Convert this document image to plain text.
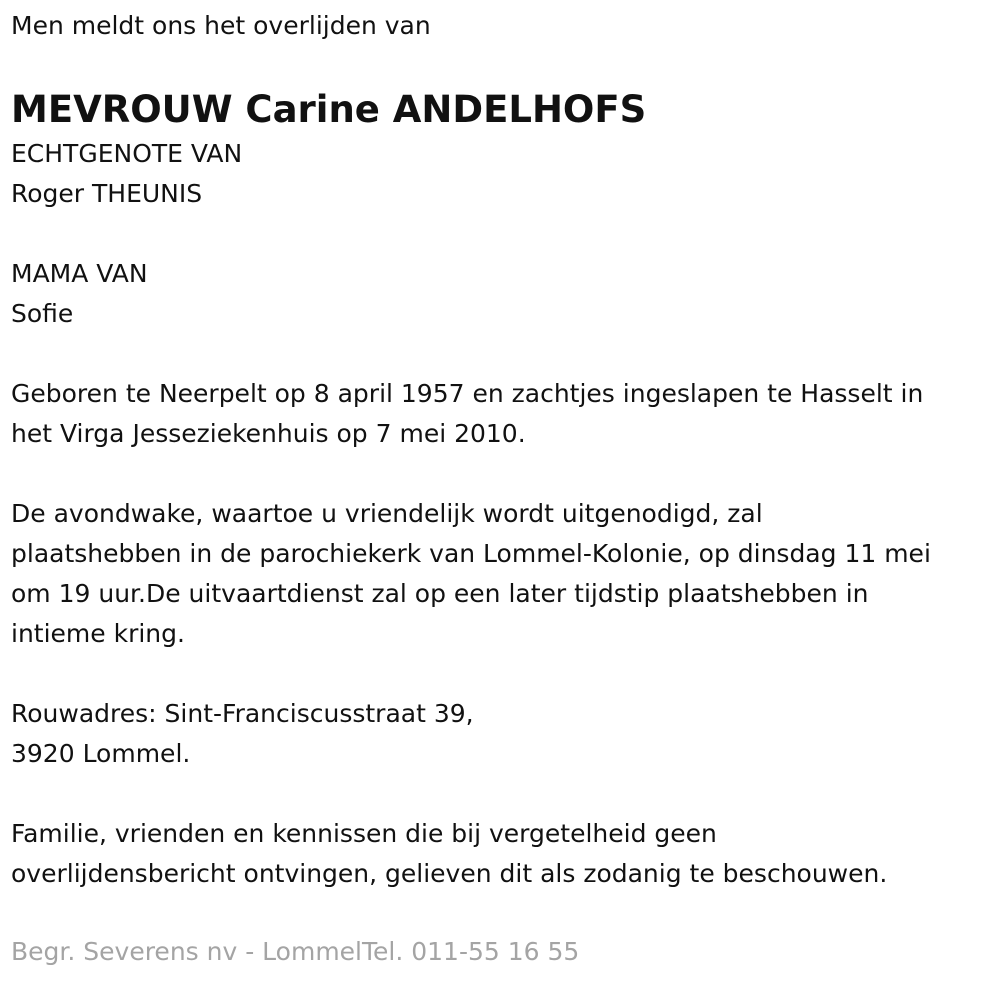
Men meldt ons het overlijden van

MEVROUW Carine ANDELHOFS

ECHTGENOTE VAN

Roger THEUNIS

MAMA VAN

Sofie

Geboren te Neerpelt op 8 april 1957 en zachtjes ingeslapen te Hasselt in

het Virga Jesseziekenhuis op 7 mei 2010.

De avondwake, waartoe u vriendelijk wordt uitgenodigd, zal

plaatshebben in de parochiekerk van Lommel-Kolonie, op dinsdag 11 mei

om 19 uur.De uitvaartdienst zal op een later tijdstip plaatshebben in

intieme kring.

Rouwadres: Sint-Franciscusstraat 39,

3920 Lommel.

Familie, vrienden en kennissen die bij vergetelheid geen

overlijdensbericht ontvingen, gelieven dit als zodanig te beschouwen.

Begr. Severens nv - LommelTel. 011-55 16 55
